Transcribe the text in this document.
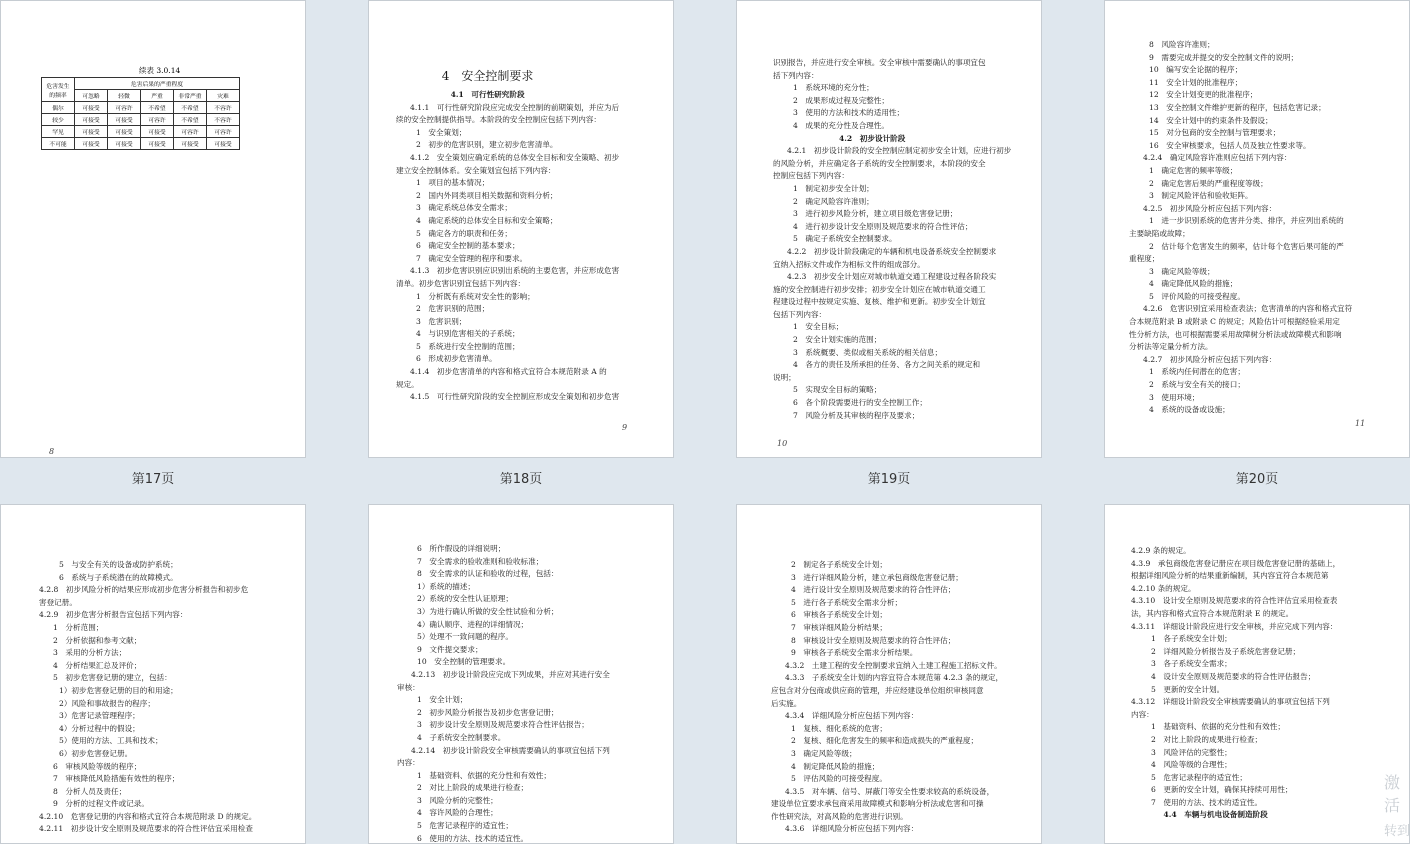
续表 3.0.14
危害发生的频率	危害后果的严重程度				
	可忽略	轻微	严重	非常严重	灾难
偶尔	可接受	可容许	不希望	不希望	不容许
较少	可接受	可接受	可容许	不希望	不容许
罕见	可接受	可接受	可接受	可容许	可容许
不可能	可接受	可接受	可接受	可接受	可接受
8
4　安全控制要求
4.1　可行性研究阶段
4.1.1　可行性研究阶段应完成安全控制的前期策划，并应为后
续的安全控制提供指导。本阶段的安全控制应包括下列内容：
1　安全策划；
2　初步的危害识别，建立初步危害清单。
4.1.2　安全策划应确定系统的总体安全目标和安全策略、初步
建立安全控制体系。安全策划宜包括下列内容：
1　项目的基本情况；
2　国内外同类项目相关数据和资料分析；
3　确定系统总体安全需求；
4　确定系统的总体安全目标和安全策略；
5　确定各方的职责和任务；
6　确定安全控制的基本要求；
7　确定安全管理的程序和要求。
4.1.3　初步危害识别应识别出系统的主要危害，并应形成危害
清单。初步危害识别宜包括下列内容：
1　分析既有系统对安全性的影响；
2　危害识别的范围；
3　危害识别；
4　与识别危害相关的子系统；
5　系统进行安全控制的范围；
6　形成初步危害清单。
4.1.4　初步危害清单的内容和格式宜符合本规范附录 A 的
规定。
4.1.5　可行性研究阶段的安全控制应形成安全策划和初步危害
9
识别报告，并应进行安全审核。安全审核中需要确认的事项宜包
括下列内容：
1　系统环境的充分性；
2　成果形成过程及完整性；
3　使用的方法和技术的适用性；
4　成果的充分性及合理性。
4.2　初步设计阶段
4.2.1　初步设计阶段的安全控制应制定初步安全计划，应进行初步
的风险分析，并应确定各子系统的安全控制要求，本阶段的安全
控制应包括下列内容：
1　制定初步安全计划；
2　确定风险容许准则；
3　进行初步风险分析，建立项目级危害登记册；
4　进行初步设计安全原则及规范要求的符合性评估；
5　确定子系统安全控制要求。
4.2.2　初步设计阶段确定的车辆和机电设备系统安全控制要求
宜纳入招标文件或作为相标文件的组成部分。
4.2.3　初步安全计划应对城市轨道交通工程建设过程各阶段实
施的安全控制进行初步安排；初步安全计划应在城市轨道交通工
程建设过程中按规定实施、复核、维护和更新。初步安全计划宜
包括下列内容：
1　安全目标；
2　安全计划实施的范围；
3　系统概要、类似或相关系统的相关信息；
4　各方的责任及所承担的任务、各方之间关系的规定和
说明；
5　实现安全目标的策略；
6　各个阶段需要进行的安全控制工作；
7　风险分析及其审核的程序及要求；
10
8　风险容许准则；
9　需要完成并提交的安全控制文件的说明；
10　编写安全论据的程序；
11　安全计划的批准程序；
12　安全计划变更的批准程序；
13　安全控制文件维护更新的程序，包括危害记录；
14　安全计划中的约束条件及假设；
15　对分包商的安全控制与管理要求；
16　安全审核要求，包括人员及独立性要求等。
4.2.4　确定风险容许准则应包括下列内容：
1　确定危害的频率等级；
2　确定危害后果的严重程度等级；
3　制定风险评估和验收矩阵。
4.2.5　初步风险分析应包括下列内容：
1　进一步识别系统的危害并分类、排序，并应列出系统的
主要缺陷或故障；
2　估计每个危害发生的频率，估计每个危害后果可能的严
重程度；
3　确定风险等级；
4　确定降低风险的措施；
5　评价风险的可接受程度。
4.2.6　危害识别宜采用检查表法；危害清单的内容和格式宜符
合本规范附录 B 或附录 C 的规定；风险估计可根据经验采用定
性分析方法，也可根据需要采用故障树分析法或故障模式和影响
分析法等定量分析方法。
4.2.7　初步风险分析应包括下列内容：
1　系统内任何潜在的危害；
2　系统与安全有关的接口；
3　使用环境；
4　系统的设备或设施；
11
第17页	第18页	第19页	第20页
5　与安全有关的设备或防护系统；
6　系统与子系统潜在的故障模式。
4.2.8　初步风险分析的结果应形成初步危害分析报告和初步危
害登记册。
4.2.9　初步危害分析报告宜包括下列内容：
1　分析范围；
2　分析依据和参考文献；
3　采用的分析方法；
4　分析结果汇总及评价；
5　初步危害登记册的建立，包括：
1）初步危害登记册的目的和用途；
2）风险和事故报告的程序；
3）危害记录管理程序；
4）分析过程中的假设；
5）使用的方法、工具和技术；
6）初步危害登记册。
6　审核风险等级的程序；
7　审核降低风险措施有效性的程序；
8　分析人员及责任；
9　分析的过程文件或记录。
4.2.10　危害登记册的内容和格式宜符合本规范附录 D 的规定。
4.2.11　初步设计安全原则及规范要求的符合性评估宜采用检查
6　所作假设的详细说明；
7　安全需求的验收准则和验收标准；
8　安全需求的认证和验收的过程，包括：
1）系统的描述；
2）系统的安全性认证原理；
3）为进行确认所做的安全性试验和分析；
4）确认顺序、进程的详细情况；
5）处理不一致问题的程序。
9　文件提交要求；
10　安全控制的管理要求。
4.2.13　初步设计阶段应完成下列成果，并应对其进行安全
审核：
1　安全计划；
2　初步风险分析报告及初步危害登记册；
3　初步设计安全原则及规范要求符合性评估报告；
4　子系统安全控制要求。
4.2.14　初步设计阶段安全审核需要确认的事项宜包括下列
内容：
1　基础资料、依据的充分性和有效性；
2　对比上阶段的成果进行检查；
3　风险分析的完整性；
4　容许风险的合理性；
5　危害记录程序的适宜性；
6　使用的方法、技术的适宜性。
2　制定各子系统安全计划；
3　进行详细风险分析，建立承包商级危害登记册；
4　进行设计安全原则及规范要求的符合性评估；
5　进行各子系统安全需求分析；
6　审核各子系统安全计划；
7　审核详细风险分析结果；
8　审核设计安全原则及规范要求的符合性评估；
9　审核各子系统安全需求分析结果。
4.3.2　土建工程的安全控制要求宜纳入土建工程施工招标文件。
4.3.3　子系统安全计划的内容宜符合本规范第 4.2.3 条的规定，
应包含对分包商或供应商的管理，并应经建设单位组织审核同意
后实施。
4.3.4　详细风险分析应包括下列内容：
1　复核、细化系统的危害；
2　复核、细化危害发生的频率和造成损失的严重程度；
3　确定风险等级；
4　制定降低风险的措施；
5　评估风险的可接受程度。
4.3.5　对车辆、信号、屏蔽门等安全性要求较高的系统设备，
建设单位宜要求承包商采用故障模式和影响分析法或危害和可操
作性研究法，对高风险的危害进行识别。
4.3.6　详细风险分析应包括下列内容：
4.2.9 条的规定。
4.3.9　承包商级危害登记册应在项目级危害登记册的基础上，
根据详细风险分析的结果重新编制，其内容宜符合本规范第
4.2.10 条的规定。
4.3.10　设计安全原则及规范要求的符合性评估宜采用检查表
法，其内容和格式宜符合本规范附录 E 的规定。
4.3.11　详细设计阶段应进行安全审核，并应完成下列内容：
1　各子系统安全计划；
2　详细风险分析报告及子系统危害登记册；
3　各子系统安全需求；
4　设计安全原则及规范要求的符合性评估报告；
5　更新的安全计划。
4.3.12　详细设计阶段安全审核需要确认的事项宜包括下列
内容：
1　基础资料、依据的充分性和有效性；
2　对比上阶段的成果进行检查；
3　风险评估的完整性；
4　风险等级的合理性；
5　危害记录程序的适宜性；
6　更新的安全计划，确保其持续可用性；
7　使用的方法、技术的适宜性。
4.4　车辆与机电设备制造阶段
激活
转到
